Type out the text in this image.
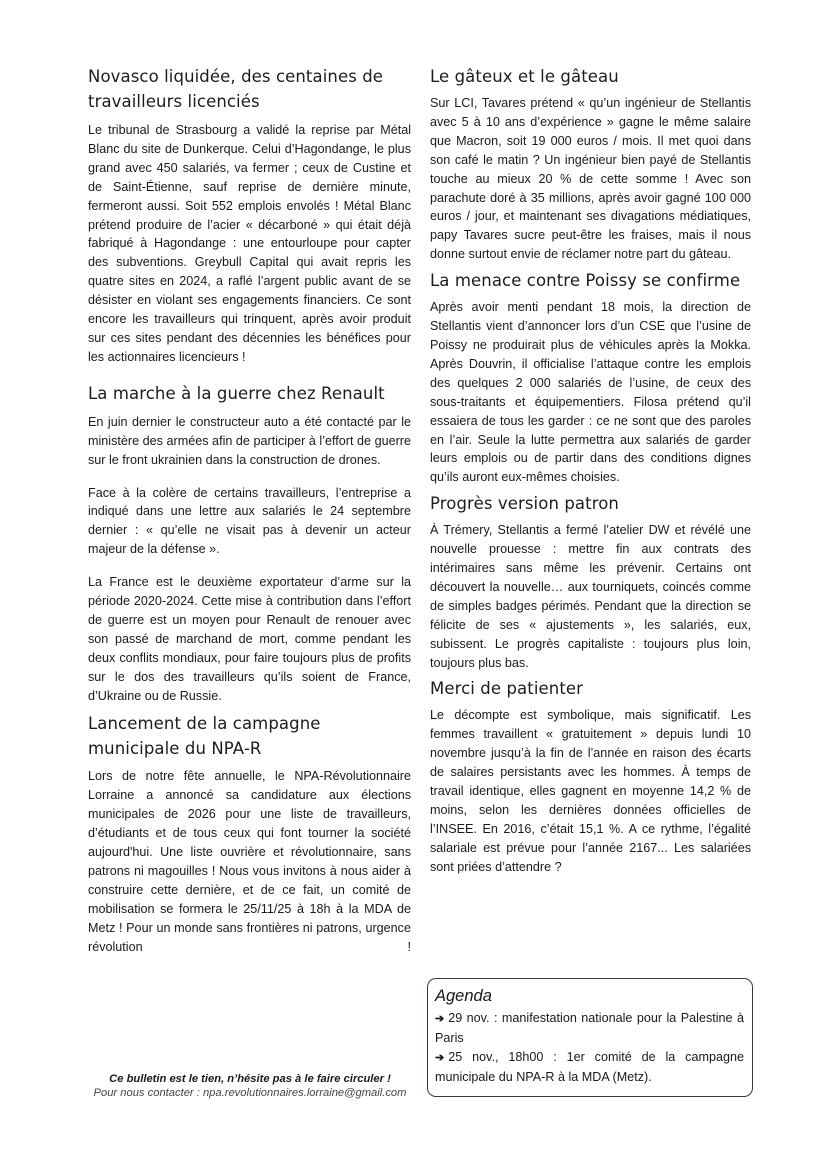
Novasco liquidée, des centaines de travailleurs licenciés

Le tribunal de Strasbourg a validé la reprise par Métal Blanc du site de Dunkerque. Celui d’Hagondange, le plus grand avec 450 salariés, va fermer ; ceux de Custine et de Saint-Étienne, sauf reprise de dernière minute, fermeront aussi. Soit 552 emplois envolés ! Métal Blanc prétend produire de l’acier « décarboné » qui était déjà fabriqué à Hagondange : une entourloupe pour capter des subventions. Greybull Capital qui avait repris les quatre sites en 2024, a raflé l’argent public avant de se désister en violant ses engagements financiers. Ce sont encore les travailleurs qui trinquent, après avoir produit sur ces sites pendant des décennies les bénéfices pour les actionnaires licencieurs !

La marche à la guerre chez Renault

En juin dernier le constructeur auto a été contacté par le ministère des armées afin de participer à l’effort de guerre sur le front ukrainien dans la construction de drones.

Face à la colère de certains travailleurs, l’entreprise a indiqué dans une lettre aux salariés le 24 septembre dernier : « qu’elle ne visait pas à devenir un acteur majeur de la défense ».

La France est le deuxième exportateur d’arme sur la période 2020-2024. Cette mise à contribution dans l’effort de guerre est un moyen pour Renault de renouer avec son passé de marchand de mort, comme pendant les deux conflits mondiaux, pour faire toujours plus de profits sur le dos des travailleurs qu’ils soient de France, d’Ukraine ou de Russie.

Lancement de la campagne municipale du NPA-R

Lors de notre fête annuelle, le NPA-Révolutionnaire Lorraine a annoncé sa candidature aux élections municipales de 2026 pour une liste de travailleurs, d’étudiants et de tous ceux qui font tourner la société aujourd'hui. Une liste ouvrière et révolutionnaire, sans patrons ni magouilles ! Nous vous invitons à nous aider à construire cette dernière, et de ce fait, un comité de mobilisation se formera le 25/11/25 à 18h à la MDA de Metz ! Pour un monde sans frontières ni patrons, urgence révolution !

Le gâteux et le gâteau

Sur LCI, Tavares prétend « qu’un ingénieur de Stellantis avec 5 à 10 ans d’expérience » gagne le même salaire que Macron, soit 19 000 euros / mois. Il met quoi dans son café le matin ? Un ingénieur bien payé de Stellantis touche au mieux 20 % de cette somme ! Avec son parachute doré à 35 millions, après avoir gagné 100 000 euros / jour, et maintenant ses divagations médiatiques, papy Tavares sucre peut-être les fraises, mais il nous donne surtout envie de réclamer notre part du gâteau.

La menace contre Poissy se confirme

Après avoir menti pendant 18 mois, la direction de Stellantis vient d’annoncer lors d’un CSE que l’usine de Poissy ne produirait plus de véhicules après la Mokka. Après Douvrin, il officialise l’attaque contre les emplois des quelques 2 000 salariés de l’usine, de ceux des sous-traitants et équipementiers. Filosa prétend qu’il essaiera de tous les garder : ce ne sont que des paroles en l’air. Seule la lutte permettra aux salariés de garder leurs emplois ou de partir dans des conditions dignes qu’ils auront eux-mêmes choisies.

Progrès version patron

À Trémery, Stellantis a fermé l’atelier DW et révélé une nouvelle prouesse : mettre fin aux contrats des intérimaires sans même les prévenir. Certains ont découvert la nouvelle… aux tourniquets, coincés comme de simples badges périmés. Pendant que la direction se félicite de ses « ajustements », les salariés, eux, subissent. Le progrès capitaliste : toujours plus loin, toujours plus bas.

Merci de patienter

Le décompte est symbolique, mais significatif. Les femmes travaillent « gratuitement » depuis lundi 10 novembre jusqu’à la fin de l’année en raison des écarts de salaires persistants avec les hommes. À temps de travail identique, elles gagnent en moyenne 14,2 % de moins, selon les dernières données officielles de l’INSEE. En 2016, c’était 15,1 %. A ce rythme, l’égalité salariale est prévue pour l’année 2167... Les salariées sont priées d’attendre ?

Agenda

➔ 29 nov. : manifestation nationale pour la Palestine à Paris

➔ 25 nov., 18h00 : 1er comité de la campagne municipale du NPA-R à la MDA (Metz).

Ce bulletin est le tien, n’hésite pas à le faire circuler !
Pour nous contacter : npa.revolutionnaires.lorraine@gmail.com
